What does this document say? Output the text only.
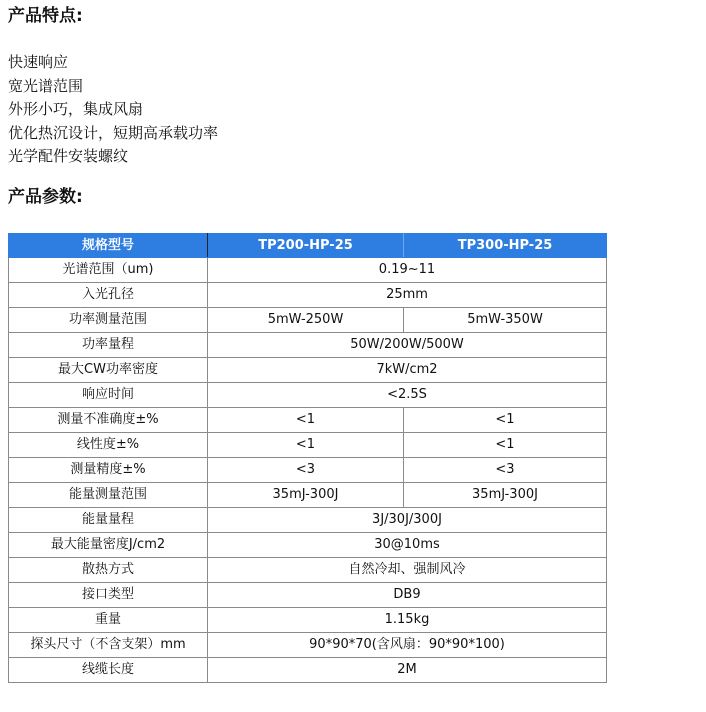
产品特点:
快速响应
宽光谱范围
外形小巧，集成风扇
优化热沉设计，短期高承载功率
光学配件安装螺纹
产品参数:
规格型号	TP200-HP-25	TP300-HP-25
光谱范围（um)	0.19~11	
入光孔径	25mm	
功率测量范围	5mW-250W	5mW-350W
功率量程	50W/200W/500W	
最大CW功率密度	7kW/cm2	
响应时间	<2.5S	
测量不准确度±%	<1	<1
线性度±%	<1	<1
测量精度±%	<3	<3
能量测量范围	35mJ-300J	35mJ-300J
能量量程	3J/30J/300J	
最大能量密度J/cm2	30@10ms	
散热方式	自然冷却、强制风冷	
接口类型	DB9	
重量	1.15kg	
探头尺寸（不含支架）mm	90*90*70(含风扇：90*90*100)	
线缆长度	2M	
